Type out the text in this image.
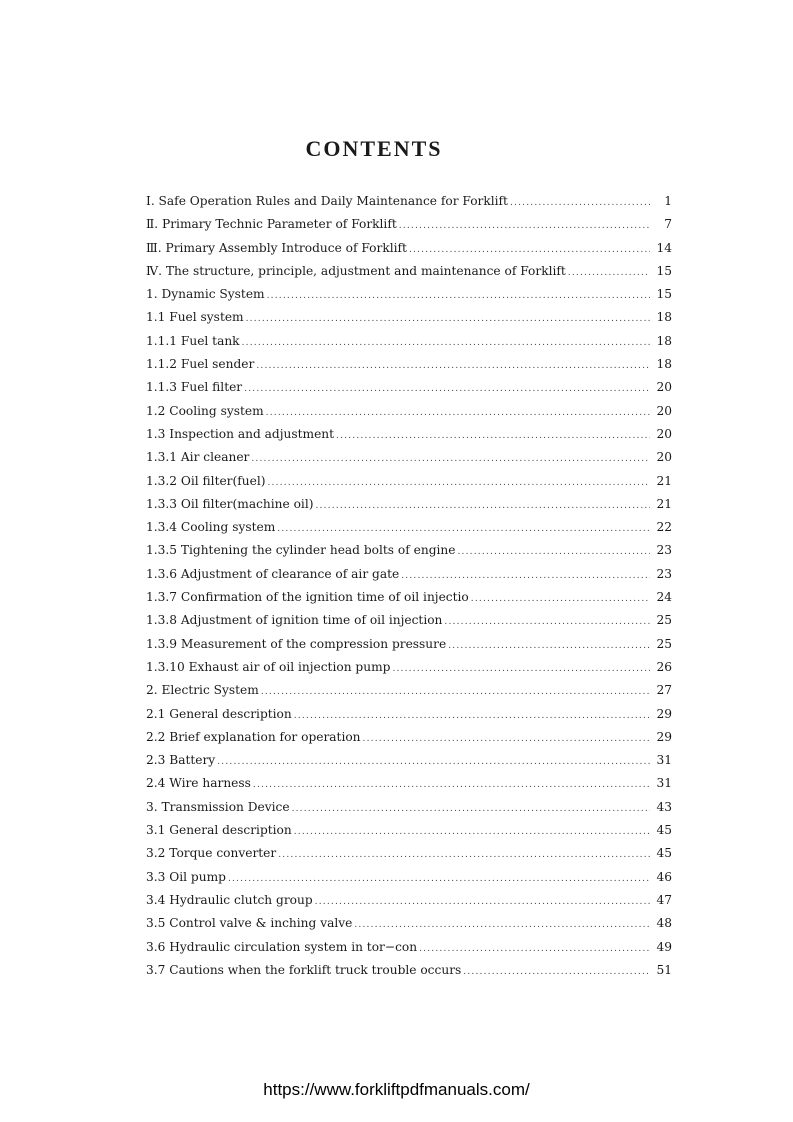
CONTENTS
Ⅰ. Safe Operation Rules and Daily Maintenance for Forklift .....	1
Ⅱ. Primary Technic Parameter of Forklift .....	7
Ⅲ. Primary Assembly Introduce of Forklift .....	14
Ⅳ. The structure, principle, adjustment and maintenance of Forklift .....	15
1. Dynamic System .....	15
1.1 Fuel system .....	18
1.1.1 Fuel tank .....	18
1.1.2 Fuel sender .....	18
1.1.3 Fuel filter .....	20
1.2 Cooling system .....	20
1.3 Inspection and adjustment .....	20
1.3.1 Air cleaner .....	20
1.3.2 Oil filter(fuel) .....	21
1.3.3 Oil filter(machine oil) .....	21
1.3.4 Cooling system .....	22
1.3.5 Tightening the cylinder head bolts of engine .....	23
1.3.6 Adjustment of clearance of air gate .....	23
1.3.7 Confirmation of the ignition time of oil injectio .....	24
1.3.8 Adjustment of ignition time of oil injection .....	25
1.3.9 Measurement of the compression pressure .....	25
1.3.10 Exhaust air of oil injection pump .....	26
2. Electric System .....	27
2.1 General description .....	29
2.2 Brief explanation for operation .....	29
2.3 Battery .....	31
2.4 Wire harness .....	31
3. Transmission Device .....	43
3.1 General description .....	45
3.2 Torque converter .....	45
3.3 Oil pump .....	46
3.4 Hydraulic clutch group .....	47
3.5 Control valve & inching valve .....	48
3.6 Hydraulic circulation system in tor−con .....	49
3.7 Cautions when the forklift truck trouble occurs .....	51
https://www.forkliftpdfmanuals.com/
